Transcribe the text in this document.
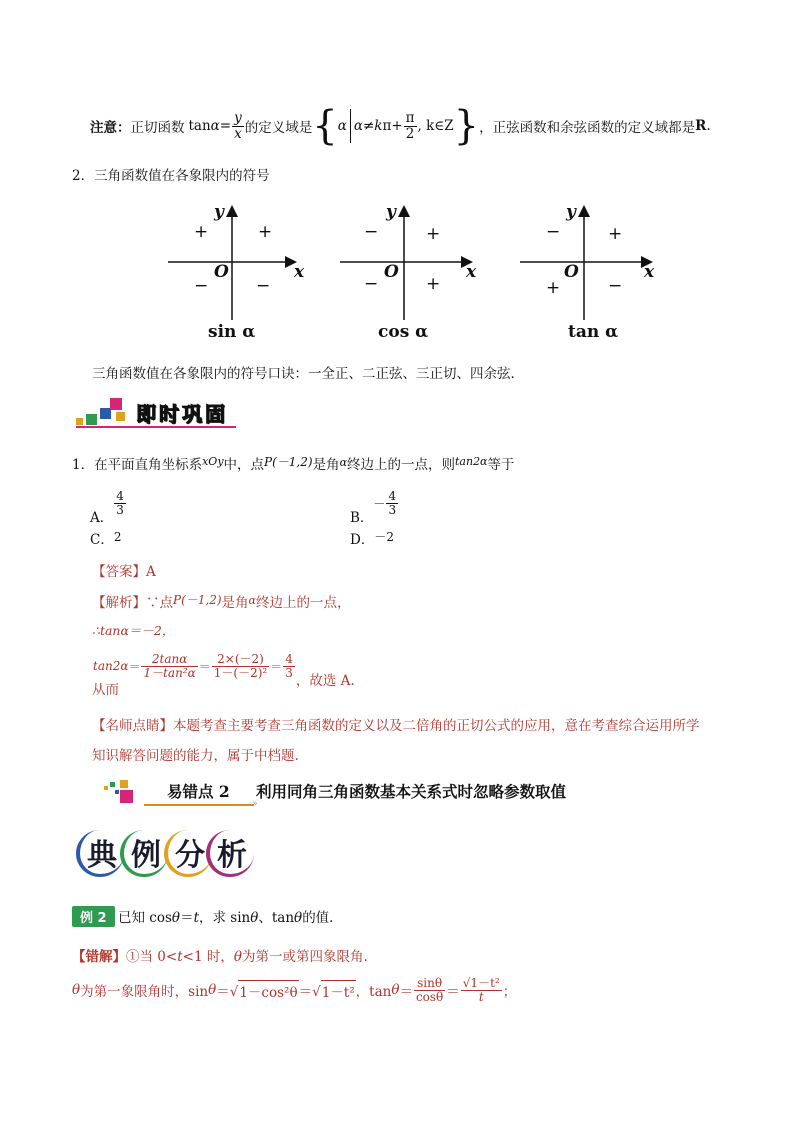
注意： 正切函数 $\tan \alpha = \frac{y}{x}$ 的定义域是 { α α≠ k $\pi+ \frac{\pi}{2}$ , k∈Z } ，正弦函数和余弦函数的定义域都是 R .
2．三角函数值在各象限内的符号
y
x
O
+	+
−	−
sin α
y
x
O
−	+
−	+
cos α
y
x
O
−	+
+	−
tan α
三角函数值在各象限内的符号口诀：一全正、二正弦、三正切、四余弦．
即时巩固
1．在平面直角坐标系$^{xOy}$中，点P(－1,2)是角$^\alpha$终边上的一点，则$^{tan2\alpha}$等于
A．
$\frac{4}{3}$
B．
－ $\frac{4}{3}$
C．2	D．－2
【答案】A
【解析】∵点P(－1,2)是角$^\alpha$终边上的一点，
∴tanα＝－2，
从而
$\tan 2\alpha = \frac{2\tan\alpha}{\text{1－tan²α}} = \frac{2\times(-2)}{\text{1－(－2)²}} = \frac{4}{3}$
，故选 A.
【名师点睛】本题考查主要考查三角函数的定义以及二倍角的正切公式的应用，意在考查综合运用所学
知识解答问题的能力，属于中档题.
»
易错点 2 利用同角三角函数基本关系式时忽略参数取值
典 例 分 析
例 2 已知 cosθ＝t，求 sinθ、tanθ的值．
【错解】①当 0<t<1 时，θ为第一或第四象限角.
θ 为第一象限角时，sin θ ＝√ 1－cos²θ ＝√ 1－t² ，$\tan \theta = \frac{\sin\theta}{\cos\theta} = \frac{\text{√1－t²}}{t}$ ；
